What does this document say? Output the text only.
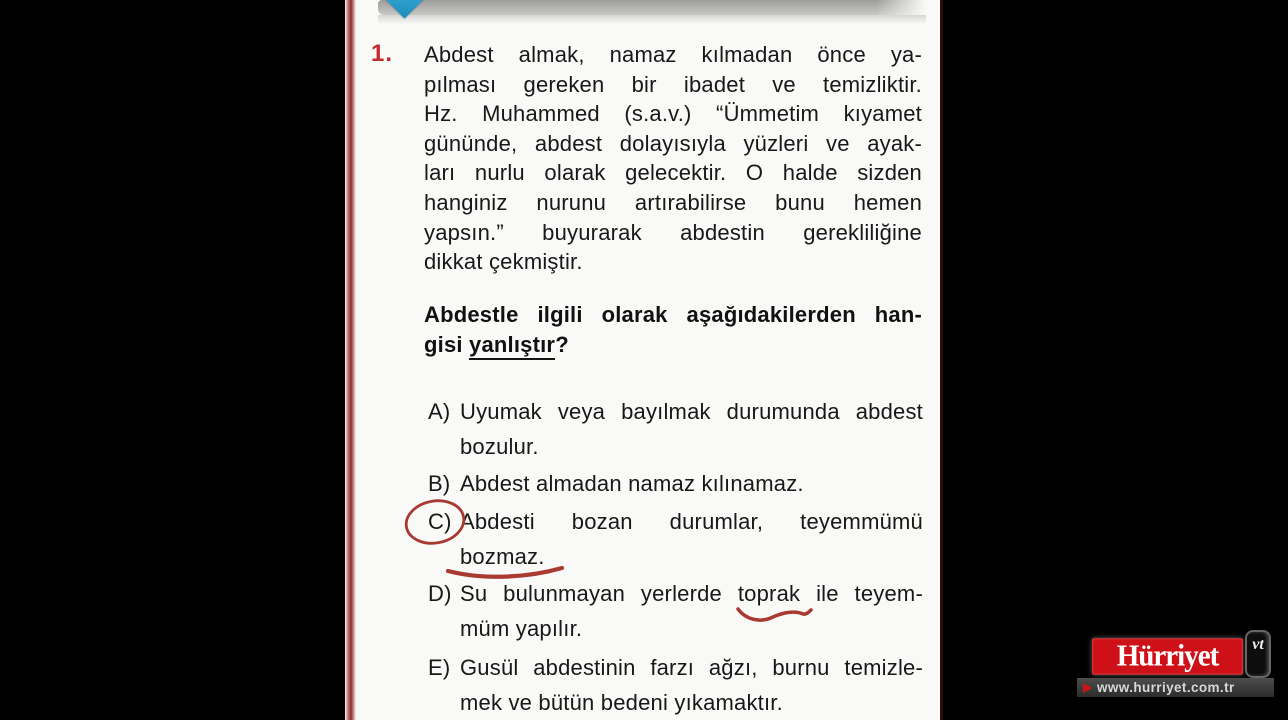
1. Abdest almak, namaz kılmadan önce ya-
pılması gereken bir ibadet ve temizliktir.
Hz. Muhammed (s.a.v.) “Ümmetim kıyamet
gününde, abdest dolayısıyla yüzleri ve ayak-
ları nurlu olarak gelecektir. O halde sizden
hanginiz nurunu artırabilirse bunu hemen
yapsın.” buyurarak abdestin gerekliliğine
dikkat çekmiştir.
Abdestle ilgili olarak aşağıdakilerden han-
gisi yanlıştır?
A) Uyumak veya bayılmak durumunda abdest
bozulur.
B) Abdest almadan namaz kılınamaz.
C) Abdesti bozan durumlar, teyemmümü
bozmaz.
D) Su bulunmayan yerlerde toprak ile teyem-
müm yapılır.
E) Gusül abdestinin farzı ağzı, burnu temizle-
mek ve bütün bedeni yıkamaktır.
Hürriyet	vt
www.hurriyet.com.tr
